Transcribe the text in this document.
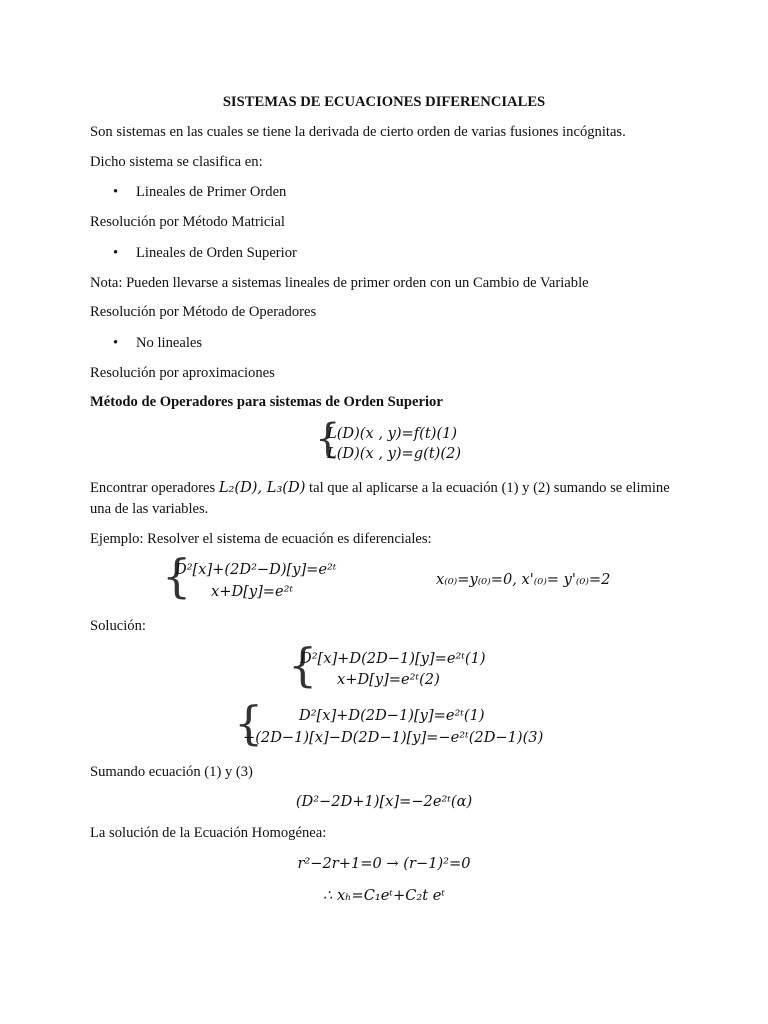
SISTEMAS DE ECUACIONES DIFERENCIALES
Son sistemas en las cuales se tiene la derivada de cierto orden de varias fusiones incógnitas.
Dicho sistema se clasifica en:
• Lineales de Primer Orden
Resolución por Método Matricial
• Lineales de Orden Superior
Nota: Pueden llevarse a sistemas lineales de primer orden con un Cambio de Variable
Resolución por Método de Operadores
• No lineales
Resolución por aproximaciones
Método de Operadores para sistemas de Orden Superior
{
L(D)(x , y)=f(t)(1)
L(D)(x , y)=g(t)(2)
Encontrar operadores L₂(D), L₃(D) tal que al aplicarse a la ecuación (1) y (2) sumando se elimine
una de las variables.
Ejemplo: Resolver el sistema de ecuación es diferenciales:
{
D²[x]+(2D²−D)[y]=e²ᵗ
x+D[y]=e²ᵗ
x₍₀₎=y₍₀₎=0, x'₍₀₎= y'₍₀₎=2
Solución:
{
D²[x]+D(2D−1)[y]=e²ᵗ(1)
x+D[y]=e²ᵗ(2)
{ D²[x]+D(2D−1)[y]=e²ᵗ(1)
−(2D−1)[x]−D(2D−1)[y]=−e²ᵗ(2D−1)(3)
Sumando ecuación (1) y (3)
(D²−2D+1)[x]=−2e²ᵗ(α)
La solución de la Ecuación Homogénea:
r²−2r+1=0 → (r−1)²=0
∴ xₕ=C₁eᵗ+C₂t eᵗ
